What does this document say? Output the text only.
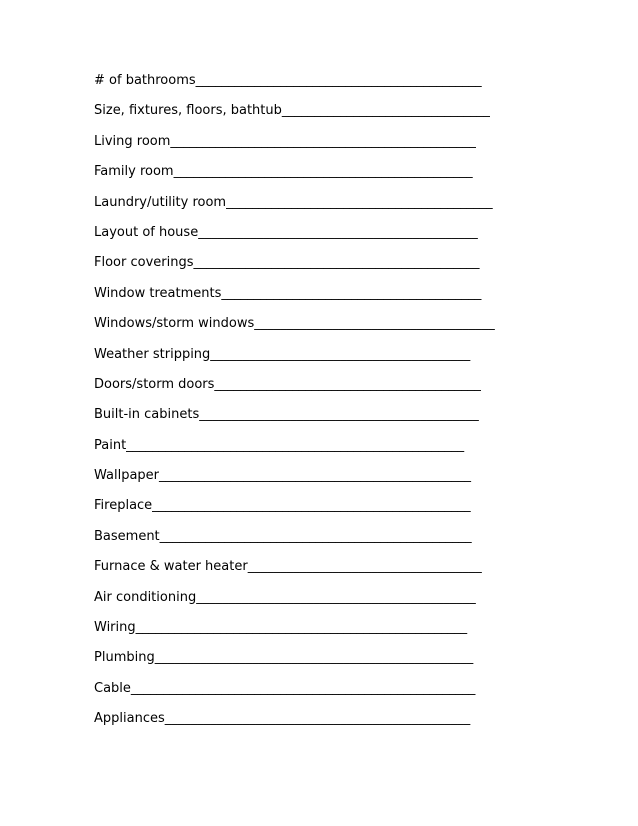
# of bathrooms____________________________________________
Size, fixtures, floors, bathtub________________________________
Living room_______________________________________________
Family room______________________________________________
Laundry/utility room_________________________________________
Layout of house___________________________________________
Floor coverings____________________________________________
Window treatments________________________________________
Windows/storm windows_____________________________________
Weather stripping________________________________________
Doors/storm doors_________________________________________
Built-in cabinets___________________________________________
Paint____________________________________________________
Wallpaper________________________________________________
Fireplace_________________________________________________
Basement________________________________________________
Furnace & water heater____________________________________
Air conditioning___________________________________________
Wiring___________________________________________________
Plumbing_________________________________________________
Cable_____________________________________________________
Appliances_______________________________________________
